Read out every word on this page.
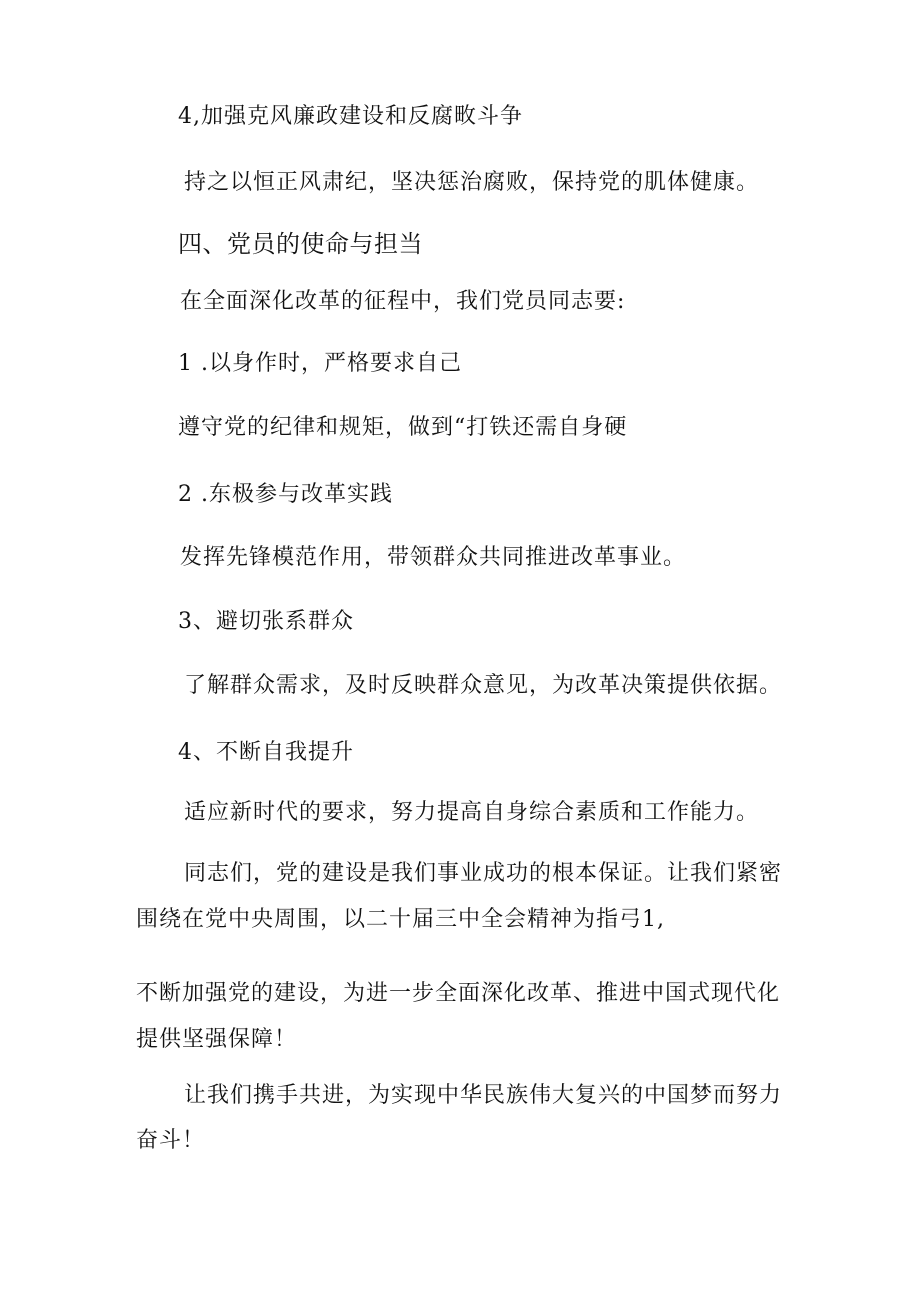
4,加强克风廉政建设和反腐畋斗争
持之以恒正风肃纪，坚决惩治腐败，保持党的肌体健康。
四、党员的使命与担当
在全面深化改革的征程中，我们党员同志要:
1 .以身作时，严格要求自己
遵守党的纪律和规矩，做到“打铁还需自身硬
2 .东极参与改革实践
发挥先锋模范作用，带领群众共同推进改革事业。
3、避切张系群众
了解群众需求，及时反映群众意见，为改革决策提供依据。
4、不断自我提升
适应新时代的要求，努力提高自身综合素质和工作能力。
同志们，党的建设是我们事业成功的根本保证。让我们紧密
围绕在党中央周围，以二十届三中全会精神为指弓1,
不断加强党的建设，为进一步全面深化改革、推进中国式现代化
提供坚强保障！
让我们携手共进，为实现中华民族伟大复兴的中国梦而努力
奋斗！
